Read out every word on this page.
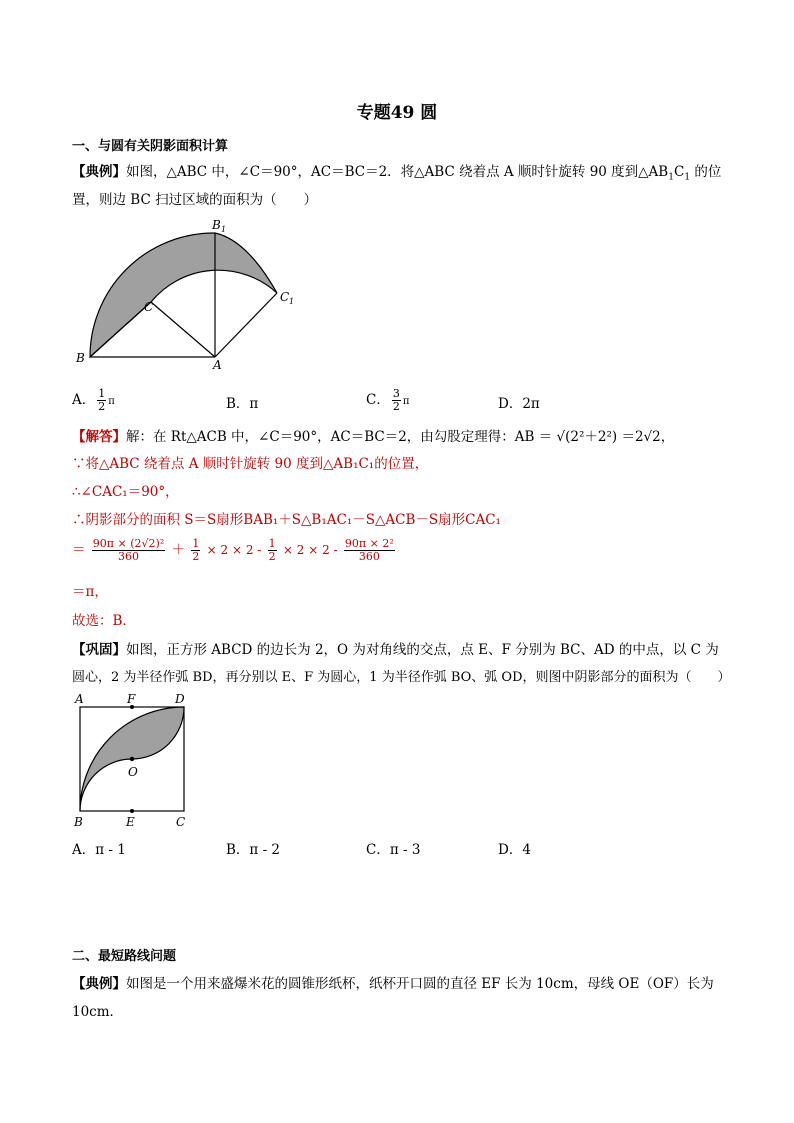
专题49 圆
一、与圆有关阴影面积计算
【典例】如图，△ABC 中，∠C＝90°，AC＝BC＝2．将△ABC 绕着点 A 顺时针旋转 90 度到$\triangle AB_1C_1$ 的位
置，则边 BC 扫过区域的面积为（　　）
B 1
C
C 1
B	A
A． $\frac{1}{2}$ π	B．π	C． $\frac{3}{2}$ π	D．2π
【解答】解：在 Rt△ACB 中，∠C＝90°，AC＝BC＝2，由勾股定理得：AB ＝ √(2²＋2²) ＝2√2，
∵将△ABC 绕着点 A 顺时针旋转 90 度到△AB₁C₁的位置，
∴∠CAC₁＝90°，
∴阴影部分的面积 S＝S扇形BAB₁＋S△B₁AC₁－S△ACB－S扇形CAC₁
＝ $\frac{\text{90π × (2√2)²}}{360} + \frac{1}{2} \times 2 \times 2 - \frac{1}{2} \times 2 \times 2 - \frac{\text{90π × 2²}}{360}$
＝π，
故选：B．
【巩固】如图，正方形 ABCD 的边长为 2，O 为对角线的交点，点 E、F 分别为 BC、AD 的中点，以 C 为
圆心，2 为半径作弧 BD，再分别以 E、F 为圆心，1 为半径作弧 BO、弧 OD，则图中阴影部分的面积为（　　）
A	F	D
O
B	E	C
A．π - 1	B．π - 2	C．π - 3	D．4
二、最短路线问题
【典例】如图是一个用来盛爆米花的圆锥形纸杯，纸杯开口圆的直径 EF 长为 10cm，母线 OE（OF）长为
10cm．
